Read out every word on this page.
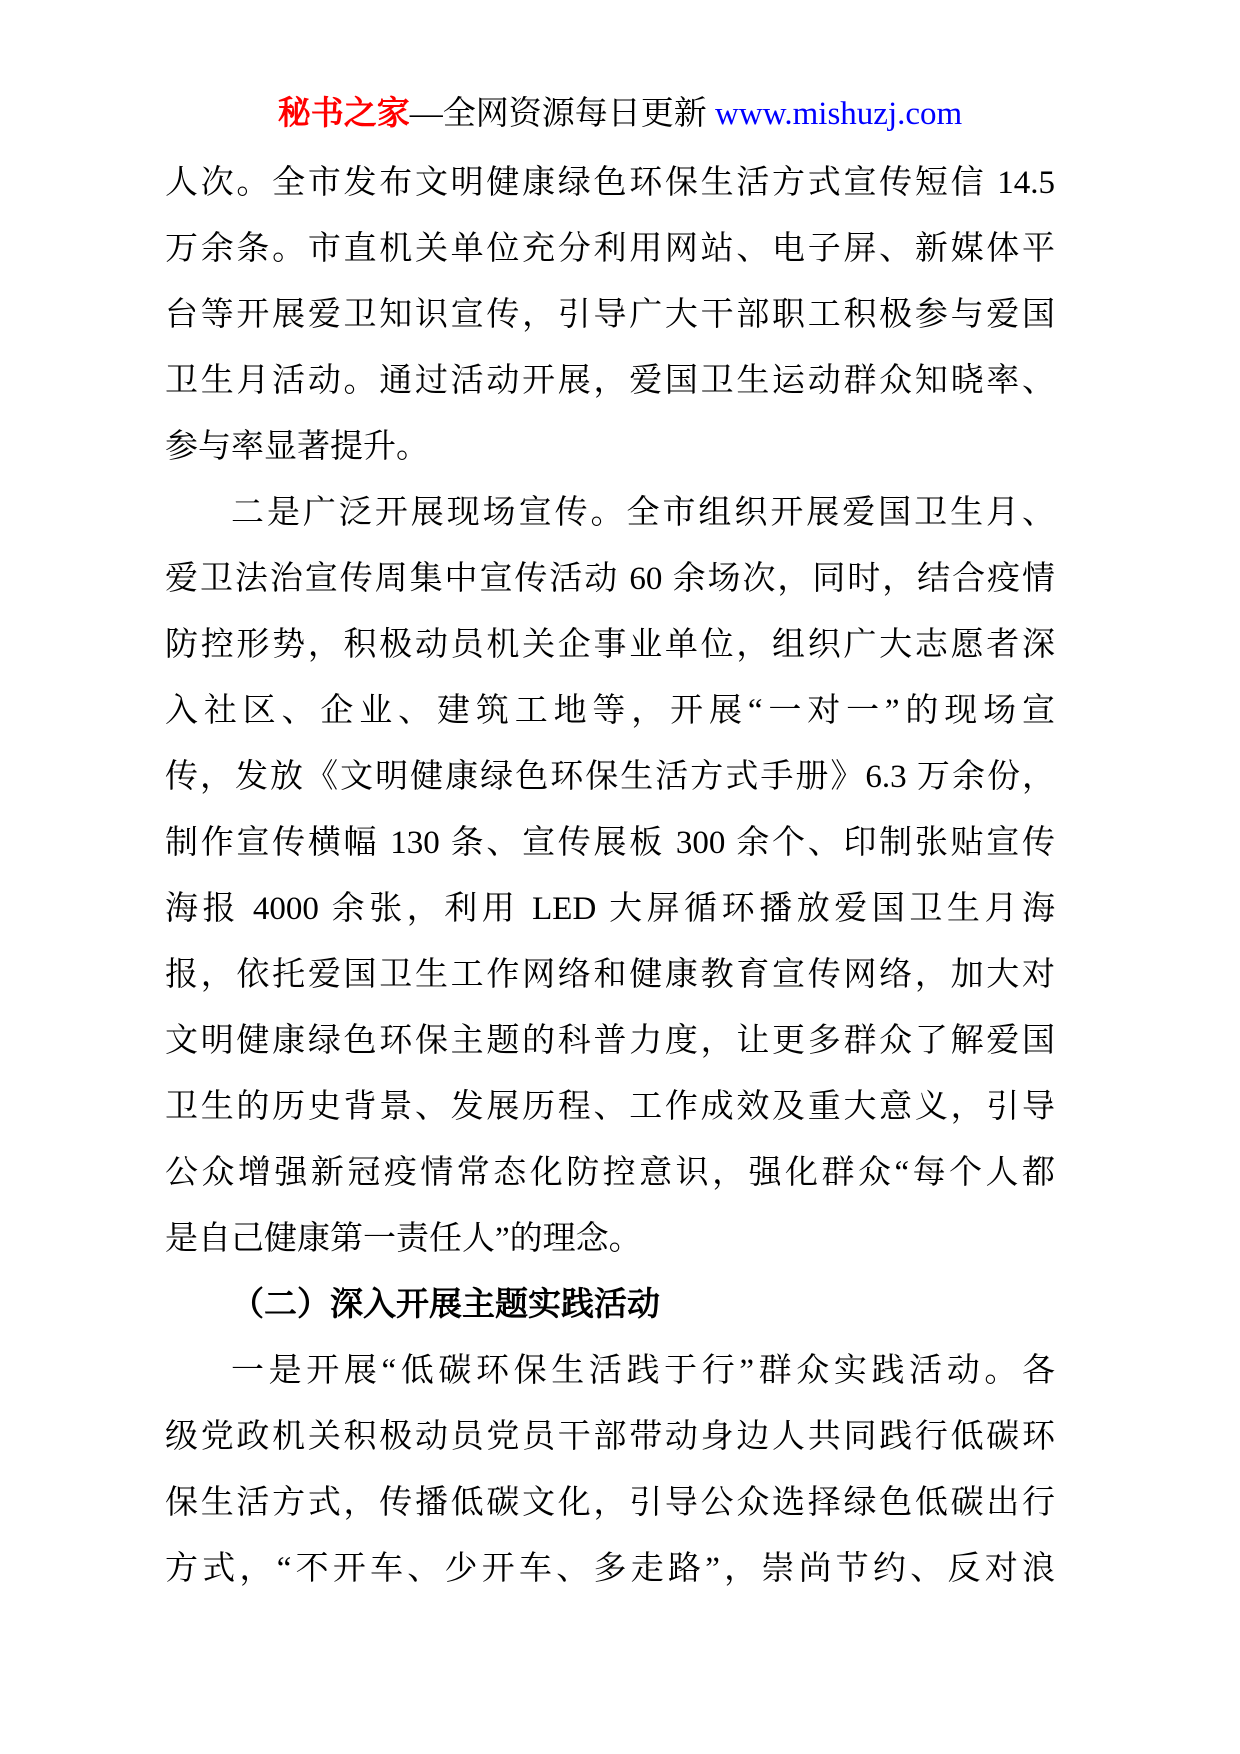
秘书之家—全网资源每日更新 www.mishuzj.com
人次。全市发布文明健康绿色环保生活方式宣传短信 14.5
万余条。市直机关单位充分利用网站、电子屏、新媒体平
台等开展爱卫知识宣传，引导广大干部职工积极参与爱国
卫生月活动。通过活动开展，爱国卫生运动群众知晓率、
参与率显著提升。
二是广泛开展现场宣传。全市组织开展爱国卫生月、
爱卫法治宣传周集中宣传活动 60 余场次，同时，结合疫情
防控形势，积极动员机关企事业单位，组织广大志愿者深
入社区、企业、建筑工地等，开展“一对一”的现场宣
传，发放《文明健康绿色环保生活方式手册》6.3 万余份，
制作宣传横幅 130 条、宣传展板 300 余个、印制张贴宣传
海报 4000 余张，利用 LED 大屏循环播放爱国卫生月海
报，依托爱国卫生工作网络和健康教育宣传网络，加大对
文明健康绿色环保主题的科普力度，让更多群众了解爱国
卫生的历史背景、发展历程、工作成效及重大意义，引导
公众增强新冠疫情常态化防控意识，强化群众“每个人都
是自己健康第一责任人”的理念。
（二）深入开展主题实践活动
一是开展“低碳环保生活践于行”群众实践活动。各
级党政机关积极动员党员干部带动身边人共同践行低碳环
保生活方式，传播低碳文化，引导公众选择绿色低碳出行
方式，“不开车、少开车、多走路”，崇尚节约、反对浪
